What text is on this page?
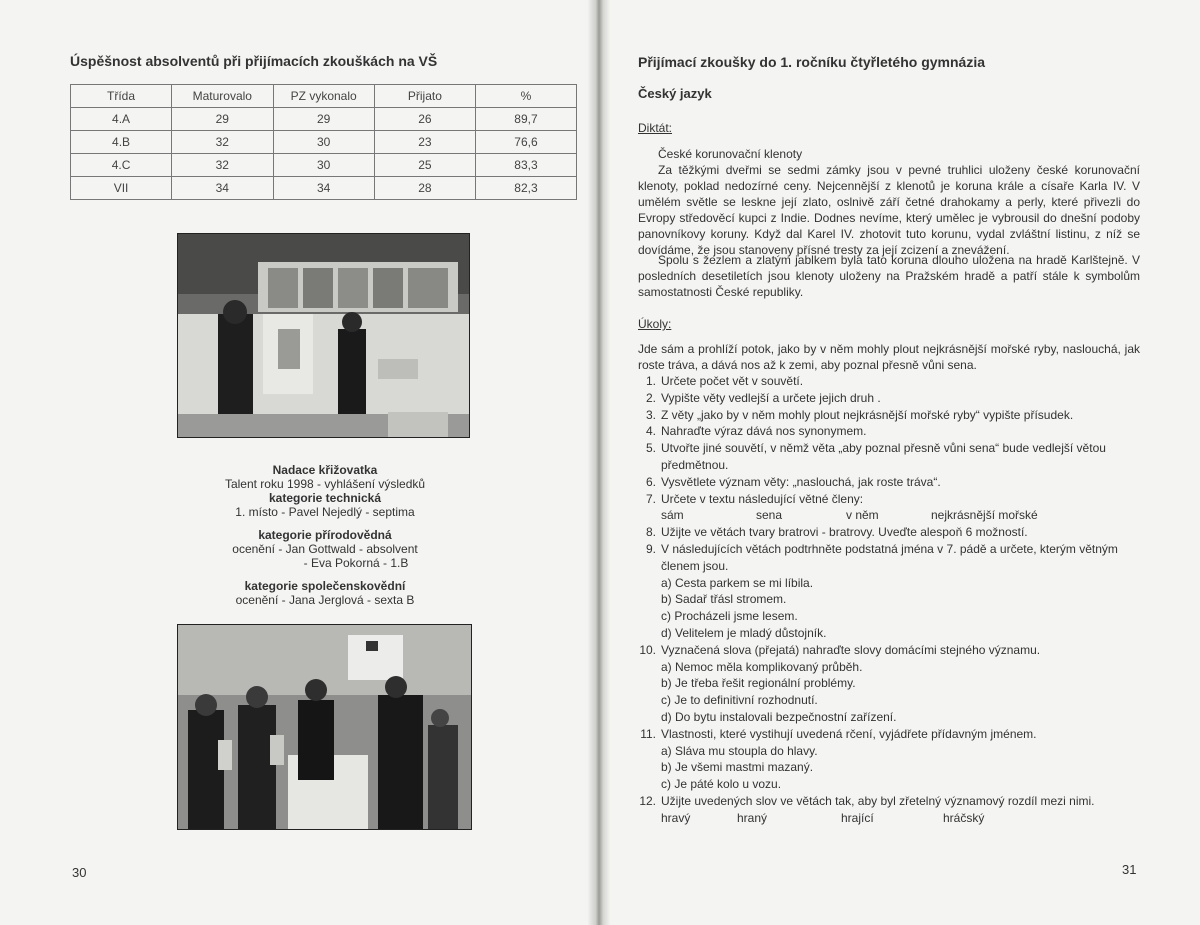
Úspěšnost absolventů při přijímacích zkouškách na VŠ
Třída	Maturovalo	PZ vykonalo	Přijato	%
4.A	29	29	26	89,7
4.B	32	30	23	76,6
4.C	32	30	25	83,3
VII	34	34	28	82,3
Nadace křižovatka
Talent roku 1998 - vyhlášení výsledků
kategorie technická
1. místo - Pavel Nejedlý - septima
kategorie přírodovědná
ocenění - Jan Gottwald - absolvent
- Eva Pokorná - 1.B
kategorie společenskovědní
ocenění - Jana Jerglová - sexta B
30
Přijímací zkoušky do 1. ročníku čtyřletého gymnázia
Český jazyk
Diktát:
České korunovační klenoty
Za těžkými dveřmi se sedmi zámky jsou v pevné truhlici uloženy české korunovační klenoty, poklad nedozírné ceny. Nejcennější z klenotů je koruna krále a císaře Karla IV. V umělém světle se leskne její zlato, oslnivě září četné drahokamy a perly, které přivezli do Evropy středověcí kupci z Indie. Dodnes nevíme, který umělec je vybrousil do dnešní podoby panovníkovy koruny. Když dal Karel IV. zhotovit tuto korunu, vydal zvláštní listinu, z níž se dovídáme, že jsou stanoveny přísné tresty za její zcizení a znevážení.
Spolu s žezlem a zlatým jablkem byla tato koruna dlouho uložena na hradě Karlštejně. V posledních desetiletích jsou klenoty uloženy na Pražském hradě a patří stále k symbolům samostatnosti České republiky.
Úkoly:
Jde sám a prohlíží potok, jako by v něm mohly plout nejkrásnější mořské ryby, naslouchá, jak roste tráva, a dává nos až k zemi, aby poznal přesně vůni sena.
1. Určete počet vět v souvětí.
2. Vypište věty vedlejší a určete jejich druh .
3. Z věty „jako by v něm mohly plout nejkrásnější mořské ryby“ vypište přísudek.
4. Nahraďte výraz dává nos synonymem.
5. Utvořte jiné souvětí, v němž věta „aby poznal přesně vůni sena“ bude vedlejší větou předmětnou.
6. Vysvětlete význam věty: „naslouchá, jak roste tráva“.
7. Určete v textu následující větné členy:
sám	sena	v něm	nejkrásnější mořské
8. Užijte ve větách tvary bratrovi - bratrovy. Uveďte alespoň 6 možností.
9. V následujících větách podtrhněte podstatná jména v 7. pádě a určete, kterým větným členem jsou.
a) Cesta parkem se mi líbila.
b) Sadař třásl stromem.
c) Procházeli jsme lesem.
d) Velitelem je mladý důstojník.
10. Vyznačená slova (přejatá) nahraďte slovy domácími stejného významu.
a) Nemoc měla komplikovaný průběh.
b) Je třeba řešit regionální problémy.
c) Je to definitivní rozhodnutí.
d) Do bytu instalovali bezpečnostní zařízení.
11. Vlastnosti, které vystihují uvedená rčení, vyjádřete přídavným jménem.
a) Sláva mu stoupla do hlavy.
b) Je všemi mastmi mazaný.
c) Je páté kolo u vozu.
12. Užijte uvedených slov ve větách tak, aby byl zřetelný významový rozdíl mezi nimi.
hravý	hraný	hrající	hráčský
31
